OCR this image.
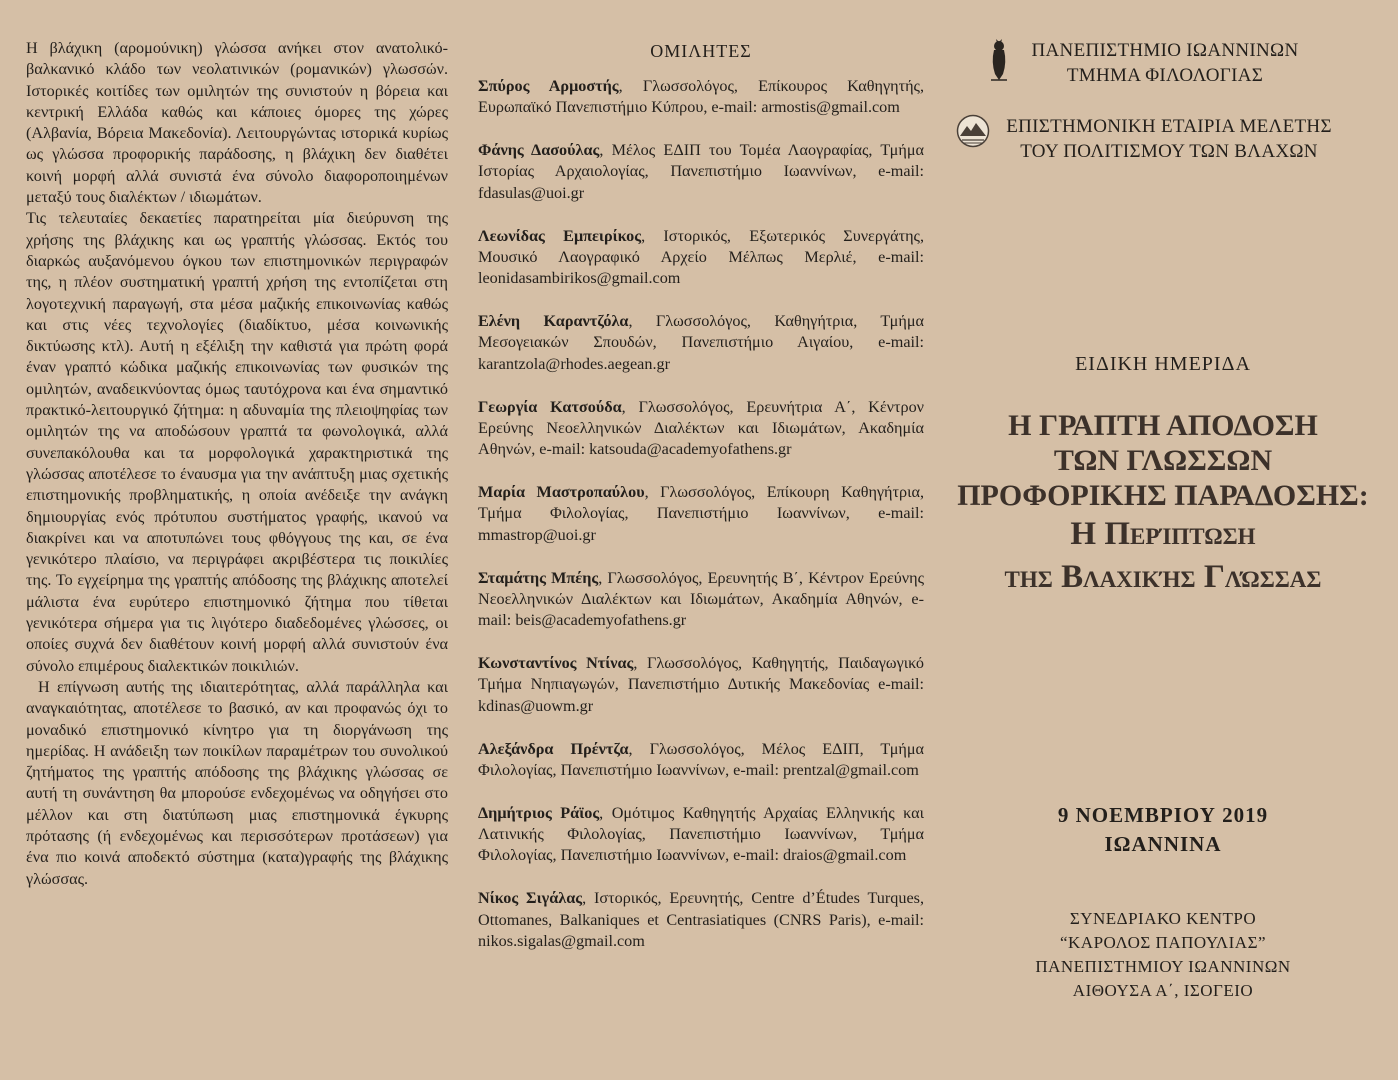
Η βλάχικη (αρομούνικη) γλώσσα ανήκει στον ανατολικό-βαλκανικό κλάδο των νεολατινικών (ρομανικών) γλωσσών. Ιστορικές κοιτίδες των ομιλητών της συνιστούν η βόρεια και κεντρική Ελλάδα καθώς και κάποιες όμορες της χώρες (Αλβανία, Βόρεια Μακεδονία). Λειτουργώντας ιστορικά κυρίως ως γλώσσα προφορικής παράδοσης, η βλάχικη δεν διαθέτει κοινή μορφή αλλά συνιστά ένα σύνολο διαφοροποιημένων μεταξύ τους διαλέκτων / ιδιωμάτων.

Τις τελευταίες δεκαετίες παρατηρείται μία διεύρυνση της χρήσης της βλάχικης και ως γραπτής γλώσσας. Εκτός του διαρκώς αυξανόμενου όγκου των επιστημονικών περιγραφών της, η πλέον συστηματική γραπτή χρήση της εντοπίζεται στη λογοτεχνική παραγωγή, στα μέσα μαζικής επικοινωνίας καθώς και στις νέες τεχνολογίες (διαδίκτυο, μέσα κοινωνικής δικτύωσης κτλ). Αυτή η εξέλιξη την καθιστά για πρώτη φορά έναν γραπτό κώδικα μαζικής επικοινωνίας των φυσικών της ομιλητών, αναδεικνύοντας όμως ταυτόχρονα και ένα σημαντικό πρακτικό-λειτουργικό ζήτημα: η αδυναμία της πλειοψηφίας των ομιλητών της να αποδώσουν γραπτά τα φωνολογικά, αλλά συνεπακόλουθα και τα μορφολογικά χαρακτηριστικά της γλώσσας αποτέλεσε το έναυσμα για την ανάπτυξη μιας σχετικής επιστημονικής προβληματικής, η οποία ανέδειξε την ανάγκη δημιουργίας ενός πρότυπου συστήματος γραφής, ικανού να διακρίνει και να αποτυπώνει τους φθόγγους της και, σε ένα γενικότερο πλαίσιο, να περιγράφει ακριβέστερα τις ποικιλίες της. Το εγχείρημα της γραπτής απόδοσης της βλάχικης αποτελεί μάλιστα ένα ευρύτερο επιστημονικό ζήτημα που τίθεται γενικότερα σήμερα για τις λιγότερο διαδεδομένες γλώσσες, οι οποίες συχνά δεν διαθέτουν κοινή μορφή αλλά συνιστούν ένα σύνολο επιμέρους διαλεκτικών ποικιλιών.

Η επίγνωση αυτής της ιδιαιτερότητας, αλλά παράλληλα και αναγκαιότητας, αποτέλεσε το βασικό, αν και προφανώς όχι το μοναδικό επιστημονικό κίνητρο για τη διοργάνωση της ημερίδας. Η ανάδειξη των ποικίλων παραμέτρων του συνολικού ζητήματος της γραπτής απόδοσης της βλάχικης γλώσσας σε αυτή τη συνάντηση θα μπορούσε ενδεχομένως να οδηγήσει στο μέλλον και στη διατύπωση μιας επιστημονικά έγκυρης πρότασης (ή ενδεχομένως και περισσότερων προτάσεων) για ένα πιο κοινά αποδεκτό σύστημα (κατα)γραφής της βλάχικης γλώσσας.

ΟΜΙΛΗΤΕΣ

Σπύρος Αρμοστής, Γλωσσολόγος, Επίκουρος Καθηγητής, Ευρωπαϊκό Πανεπιστήμιο Κύπρου, e-mail: armostis@gmail.com

Φάνης Δασούλας, Μέλος ΕΔΙΠ του Τομέα Λαογραφίας, Τμήμα Ιστορίας Αρχαιολογίας, Πανεπιστήμιο Ιωαννίνων, e-mail: fdasulas@uoi.gr

Λεωνίδας Εμπειρίκος, Ιστορικός, Εξωτερικός Συνεργάτης, Μουσικό Λαογραφικό Αρχείο Μέλπως Μερλιέ, e-mail: leonidasambirikos@gmail.com

Ελένη Καραντζόλα, Γλωσσολόγος, Καθηγήτρια, Τμήμα Μεσογειακών Σπουδών, Πανεπιστήμιο Αιγαίου, e-mail: karantzola@rhodes.aegean.gr

Γεωργία Κατσούδα, Γλωσσολόγος, Ερευνήτρια Α΄, Κέντρον Ερεύνης Νεοελληνικών Διαλέκτων και Ιδιωμάτων, Ακαδημία Αθηνών, e-mail: katsouda@academyofathens.gr

Μαρία Μαστροπαύλου, Γλωσσολόγος, Επίκουρη Καθηγήτρια, Τμήμα Φιλολογίας, Πανεπιστήμιο Ιωαννίνων, e-mail: mmastrop@uoi.gr

Σταμάτης Μπέης, Γλωσσολόγος, Ερευνητής Β΄, Κέντρον Ερεύνης Νεοελληνικών Διαλέκτων και Ιδιωμάτων, Ακαδημία Αθηνών, e-mail: beis@academyofathens.gr

Κωνσταντίνος Ντίνας, Γλωσσολόγος, Καθηγητής, Παιδαγωγικό Τμήμα Νηπιαγωγών, Πανεπιστήμιο Δυτικής Μακεδονίας e-mail: kdinas@uowm.gr

Αλεξάνδρα Πρέντζα, Γλωσσολόγος, Μέλος ΕΔΙΠ, Τμήμα Φιλολογίας, Πανεπιστήμιο Ιωαννίνων, e-mail: prentzal@gmail.com

Δημήτριος Ράϊος, Ομότιμος Καθηγητής Αρχαίας Ελληνικής και Λατινικής Φιλολογίας, Πανεπιστήμιο Ιωαννίνων, Τμήμα Φιλολογίας, Πανεπιστήμιο Ιωαννίνων, e-mail: draios@gmail.com

Νίκος Σιγάλας, Ιστορικός, Ερευνητής, Centre d’Études Turques, Ottomanes, Balkaniques et Centrasiatiques (CNRS Paris), e-mail: nikos.sigalas@gmail.com

ΠΑΝΕΠΙΣΤΗΜΙΟ ΙΩΑΝΝΙΝΩΝ
ΤΜΗΜΑ ΦΙΛΟΛΟΓΙΑΣ
ΕΠΙΣΤΗΜΟΝΙΚΗ ΕΤΑΙΡΙΑ ΜΕΛΕΤΗΣ
ΤΟΥ ΠΟΛΙΤΙΣΜΟΥ ΤΩΝ ΒΛΑΧΩΝ
ΕΙΔΙΚΗ ΗΜΕΡΙΔΑ
Η ΓΡΑΠΤΗ ΑΠΟΔΟΣΗ
ΤΩΝ ΓΛΩΣΣΩΝ
ΠΡΟΦΟΡΙΚΗΣ ΠΑΡΑΔΟΣΗΣ:
Η Περίπτωση
της Βλαχικής Γλώσσας
9 ΝΟΕΜΒΡΙΟΥ 2019
ΙΩΑΝΝΙΝΑ
ΣΥΝΕΔΡΙΑΚΟ ΚΕΝΤΡΟ
“ΚΑΡΟΛΟΣ ΠΑΠΟΥΛΙΑΣ”
ΠΑΝΕΠΙΣΤΗΜΙΟΥ ΙΩΑΝΝΙΝΩΝ
ΑΙΘΟΥΣΑ Α΄, ΙΣΟΓΕΙΟ
